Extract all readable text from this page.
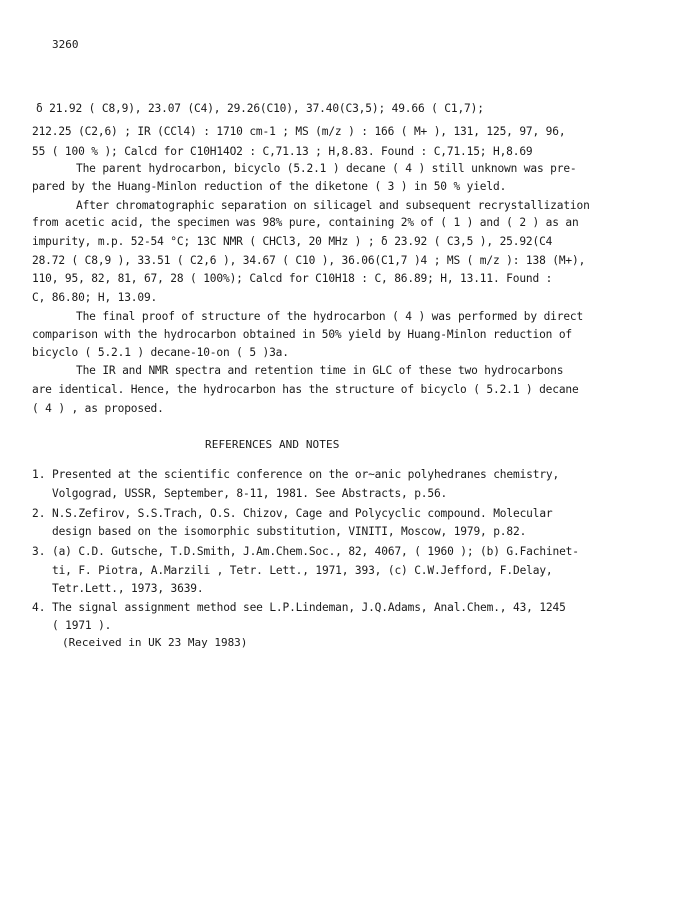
3260
δ 21.92 ( C8,9), 23.07 (C4), 29.26(C10), 37.40(C3,5); 49.66 ( C1,7);
212.25 (C2,6) ; IR (CCl4) : 1710 cm-1 ; MS (m/z ) : 166 ( M+ ), 131, 125, 97, 96,
55 ( 100 % ); Calcd for C10H14O2 : C,71.13 ; H,8.83. Found : C,71.15; H,8.69
The parent hydrocarbon, bicyclo (5.2.1 ) decane ( 4 ) still unknown was pre-
pared by the Huang-Minlon reduction of the diketone ( 3 ) in 50 % yield.
After chromatographic separation on silicagel and subsequent recrystallization
from acetic acid, the specimen was 98% pure, containing 2% of ( 1 ) and ( 2 ) as an
impurity, m.p. 52-54 °C; 13C NMR ( CHCl3, 20 MHz ) ; δ 23.92 ( C3,5 ), 25.92(C4
28.72 ( C8,9 ), 33.51 ( C2,6 ), 34.67 ( C10 ), 36.06(C1,7 )4 ; MS ( m/z ): 138 (M+),
110, 95, 82, 81, 67, 28 ( 100%); Calcd for C10H18 : C, 86.89; H, 13.11. Found :
C, 86.80; H, 13.09.
The final proof of structure of the hydrocarbon ( 4 ) was performed by direct
comparison with the hydrocarbon obtained in 50% yield by Huang-Minlon reduction of
bicyclo ( 5.2.1 ) decane-10-on ( 5 )3a.
The IR and NMR spectra and retention time in GLC of these two hydrocarbons
are identical. Hence, the hydrocarbon has the structure of bicyclo ( 5.2.1 ) decane
( 4 ) , as proposed.
REFERENCES AND NOTES
1. Presented at the scientific conference on the or~anic polyhedranes chemistry,
Volgograd, USSR, September, 8-11, 1981. See Abstracts, p.56.
2. N.S.Zefirov, S.S.Trach, O.S. Chizov, Cage and Polycyclic compound. Molecular
design based on the isomorphic substitution, VINITI, Moscow, 1979, p.82.
3. (a) C.D. Gutsche, T.D.Smith, J.Am.Chem.Soc., 82, 4067, ( 1960 ); (b) G.Fachinet-
ti, F. Piotra, A.Marzili , Tetr. Lett., 1971, 393, (c) C.W.Jefford, F.Delay,
Tetr.Lett., 1973, 3639.
4. The signal assignment method see L.P.Lindeman, J.Q.Adams, Anal.Chem., 43, 1245
( 1971 ).
(Received in UK 23 May 1983)
